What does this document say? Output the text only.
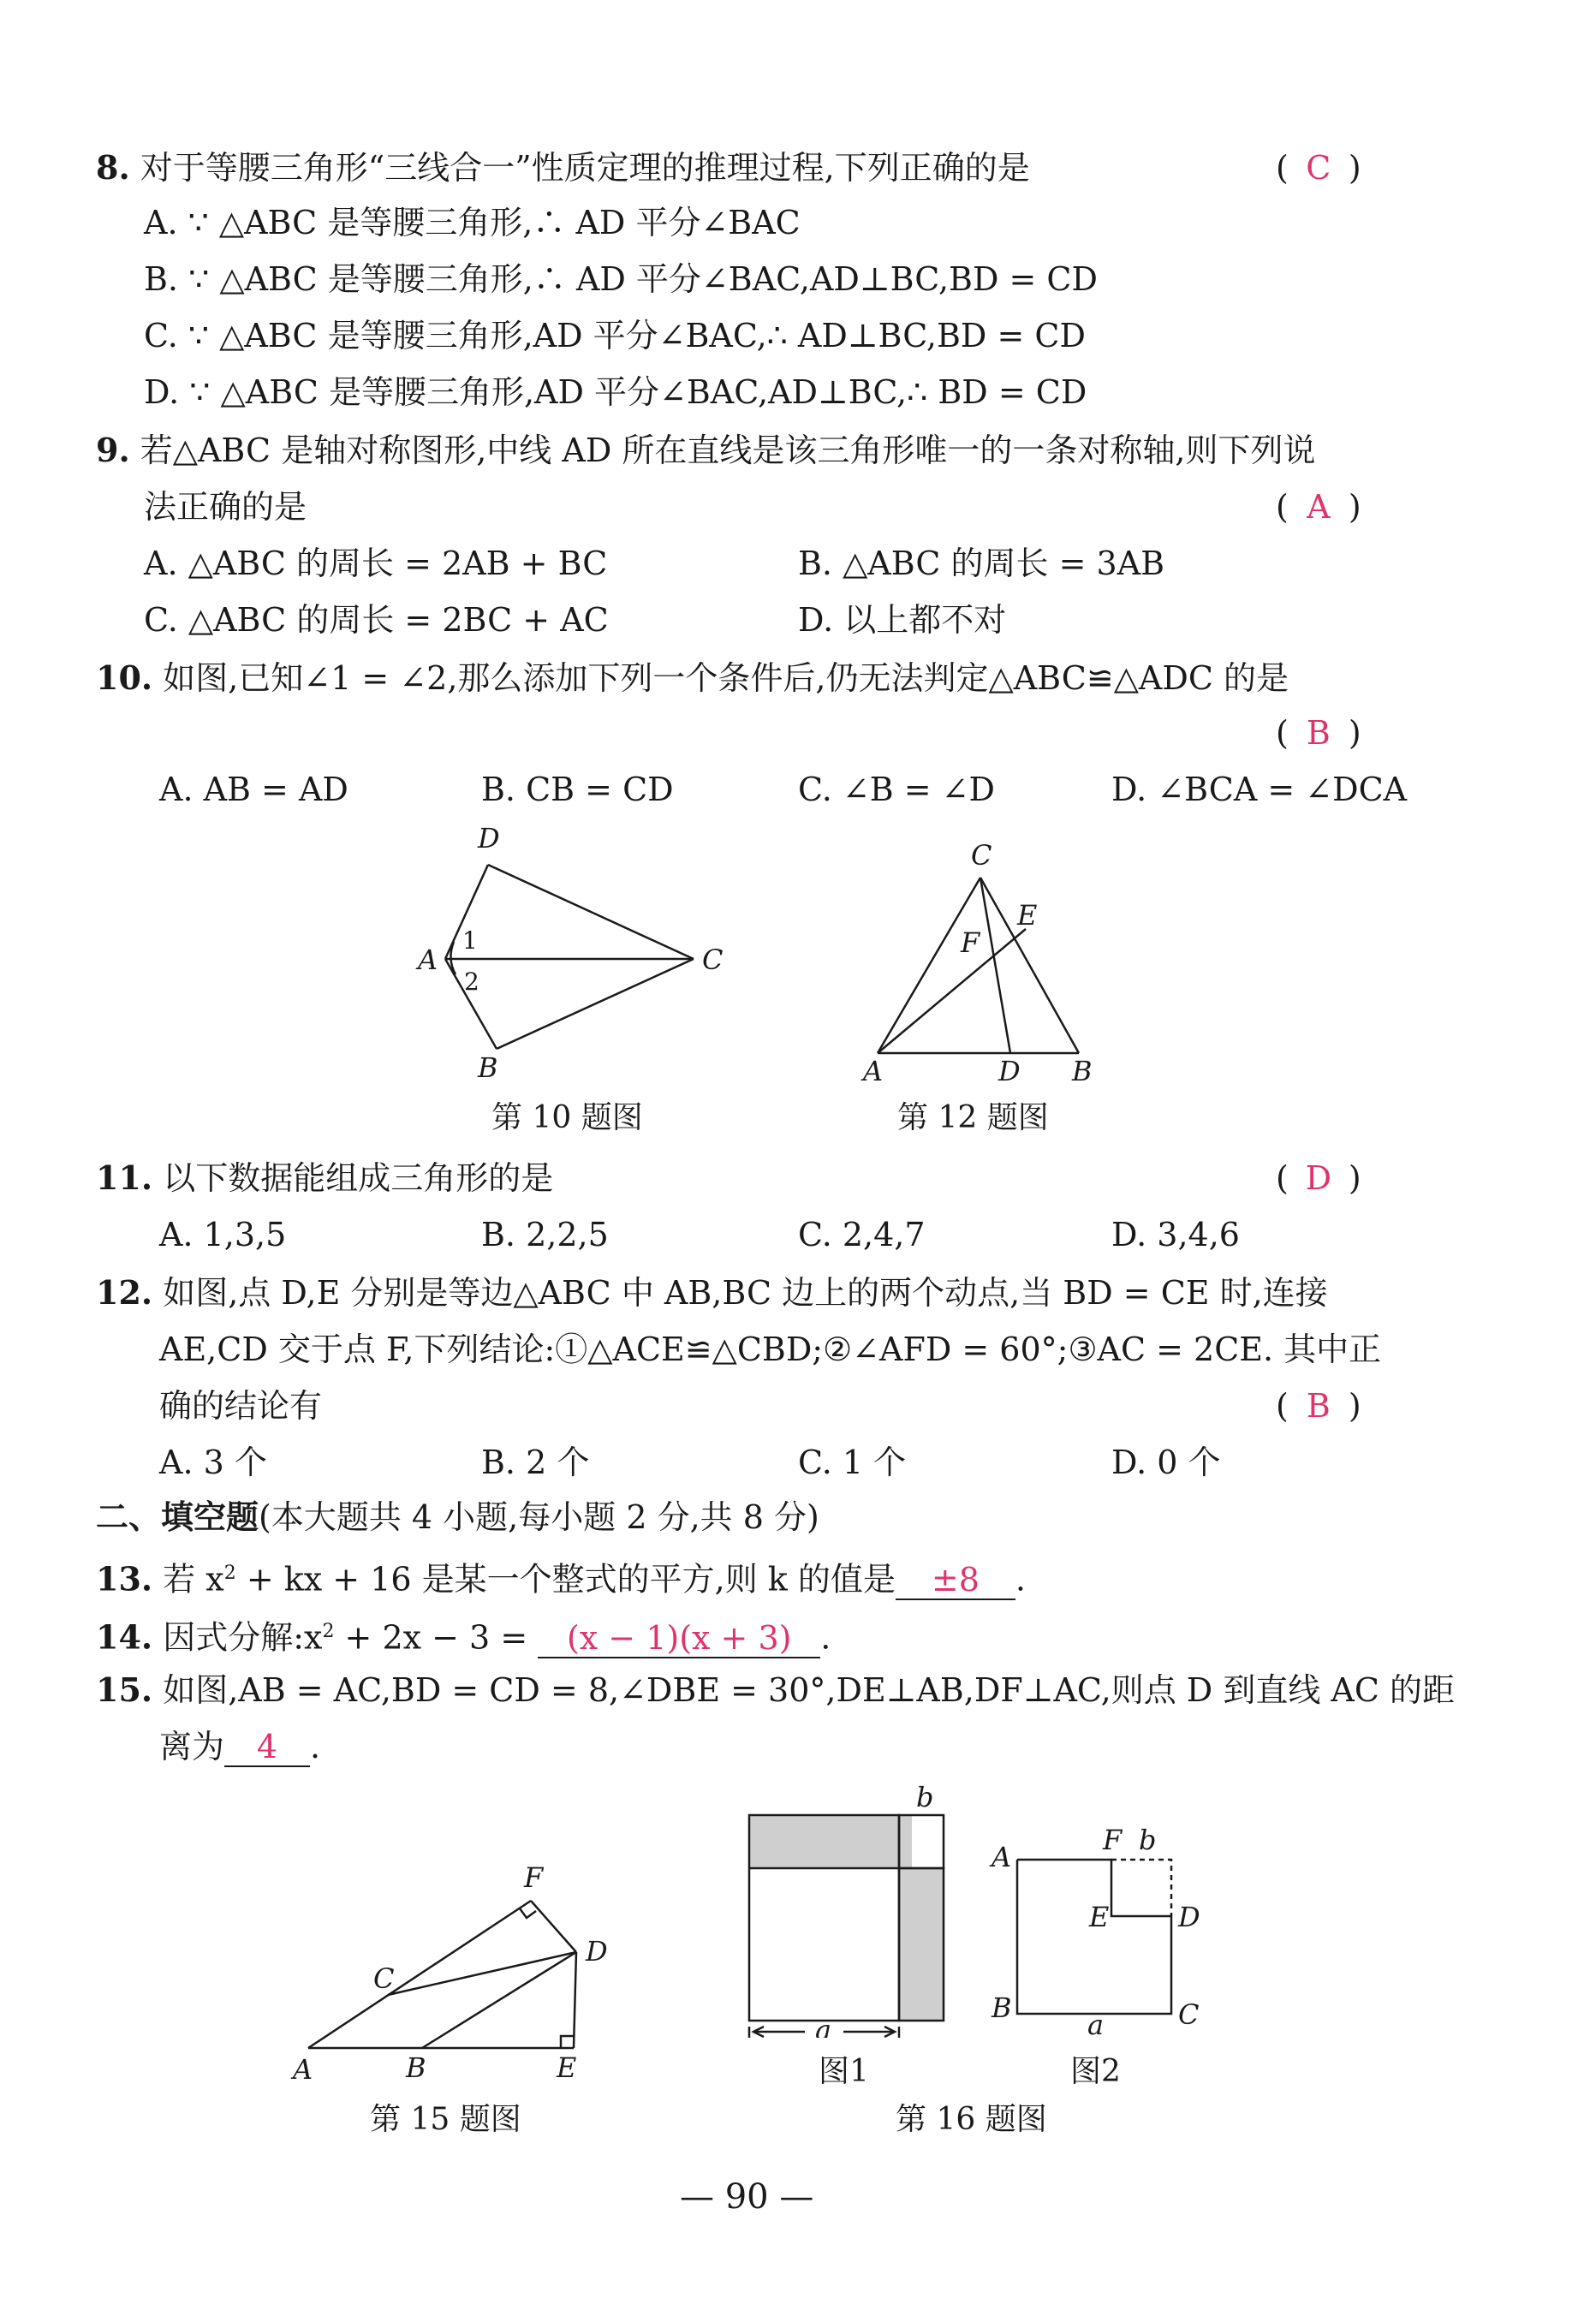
8. 对于等腰三角形“三线合一”性质定理的推理过程,下列正确的是	( C )
A. ∵ △ABC 是等腰三角形,∴ AD 平分∠BAC
B. ∵ △ABC 是等腰三角形,∴ AD 平分∠BAC,AD⊥BC,BD = CD
C. ∵ △ABC 是等腰三角形,AD 平分∠BAC,∴ AD⊥BC,BD = CD
D. ∵ △ABC 是等腰三角形,AD 平分∠BAC,AD⊥BC,∴ BD = CD
9. 若△ABC 是轴对称图形,中线 AD 所在直线是该三角形唯一的一条对称轴,则下列说
法正确的是	( A )
A. △ABC 的周长 = 2AB + BC	B. △ABC 的周长 = 3AB
C. △ABC 的周长 = 2BC + AC	D. 以上都不对
10. 如图,已知∠1 = ∠2,那么添加下列一个条件后,仍无法判定△ABC≌△ADC 的是
( B )
A. AB = AD	B. CB = CD	C. ∠B = ∠D	D. ∠BCA = ∠DCA
D
A	C
B
1
2
第 10 题图
C
E
F
A	D B
第 12 题图
11. 以下数据能组成三角形的是	( D )
A. 1,3,5	B. 2,2,5	C. 2,4,7	D. 3,4,6
12. 如图,点 D,E 分别是等边△ABC 中 AB,BC 边上的两个动点,当 BD = CE 时,连接
AE,CD 交于点 F,下列结论:①△ACE≌△CBD;②∠AFD = 60°;③AC = 2CE. 其中正
确的结论有	( B )
A. 3 个	B. 2 个	C. 1 个	D. 0 个
二、填空题(本大题共 4 小题,每小题 2 分,共 8 分)
13. 若 $x^2$ + kx + 16 是某一个整式的平方,则 k 的值是 ±8 .
14. 因式分解$:x^2 + 2x - 3 = (x - 1)(x + 3)$ .
15. 如图,AB = AC,BD = CD = 8,∠DBE = 30°,DE⊥AB,DF⊥AC,则点 D 到直线 AC 的距
离为 4 .
F
C
D
A	B	E
第 15 题图
b
a
图1
A
F b
E	D
B	C
a
图2
第 16 题图
— 90 —
